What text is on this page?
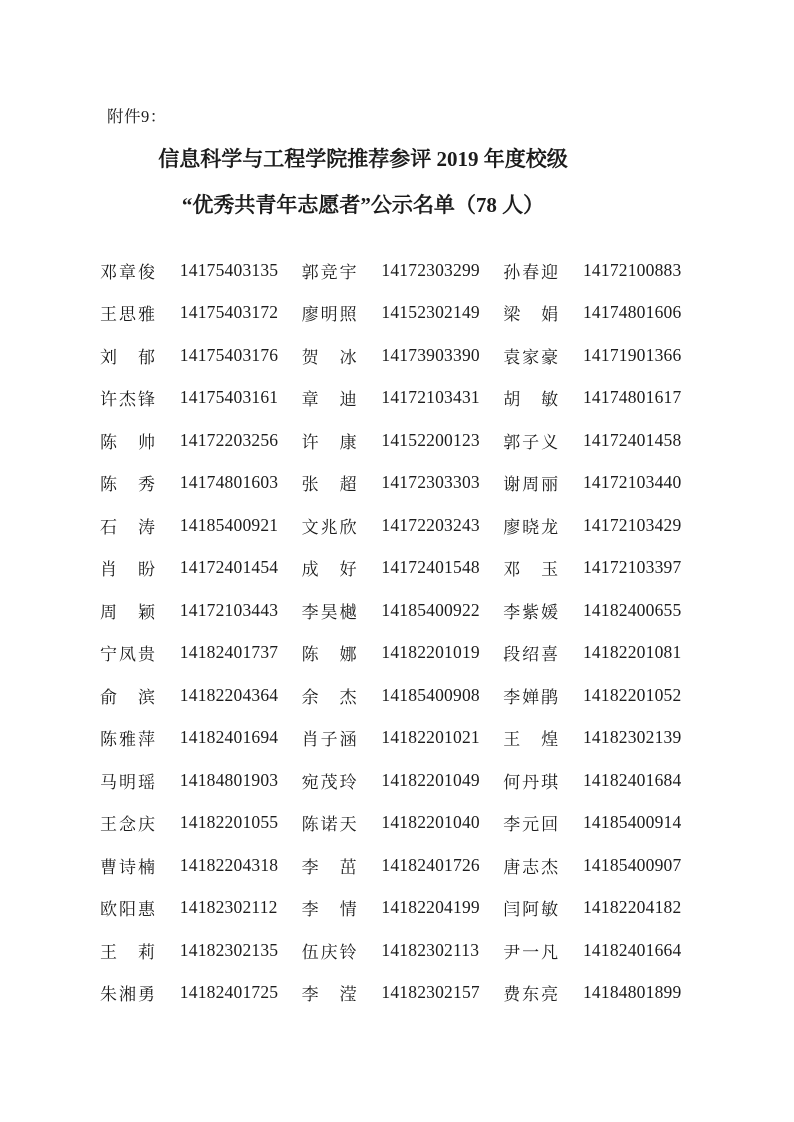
附件9：
信息科学与工程学院推荐参评 2019 年度校级
“优秀共青年志愿者”公示名单（78 人）
邓章俊 14175403135 郭竞宇 14172303299 孙春迎 14172100883
王思雅 14175403172 廖明照 14152302149 梁　娟 14174801606
刘　郁 14175403176 贺　冰 14173903390 袁家豪 14171901366
许杰锋 14175403161 章　迪 14172103431 胡　敏 14174801617
陈　帅 14172203256 许　康 14152200123 郭子义 14172401458
陈　秀 14174801603 张　超 14172303303 谢周丽 14172103440
石　涛 14185400921 文兆欣 14172203243 廖晓龙 14172103429
肖　盼 14172401454 成　好 14172401548 邓　玉 14172103397
周　颖 14172103443 李昊樾 14185400922 李紫媛 14182400655
宁凤贵 14182401737 陈　娜 14182201019 段绍喜 14182201081
俞　滨 14182204364 余　杰 14185400908 李婵鹃 14182201052
陈雅萍 14182401694 肖子涵 14182201021 王　煌 14182302139
马明瑶 14184801903 宛茂玲 14182201049 何丹琪 14182401684
王念庆 14182201055 陈诺天 14182201040 李元回 14185400914
曹诗楠 14182204318 李　茁 14182401726 唐志杰 14185400907
欧阳惠 14182302112 李　情 14182204199 闫阿敏 14182204182
王　莉 14182302135 伍庆铃 14182302113 尹一凡 14182401664
朱湘勇 14182401725 李　滢 14182302157 费东亮 14184801899
